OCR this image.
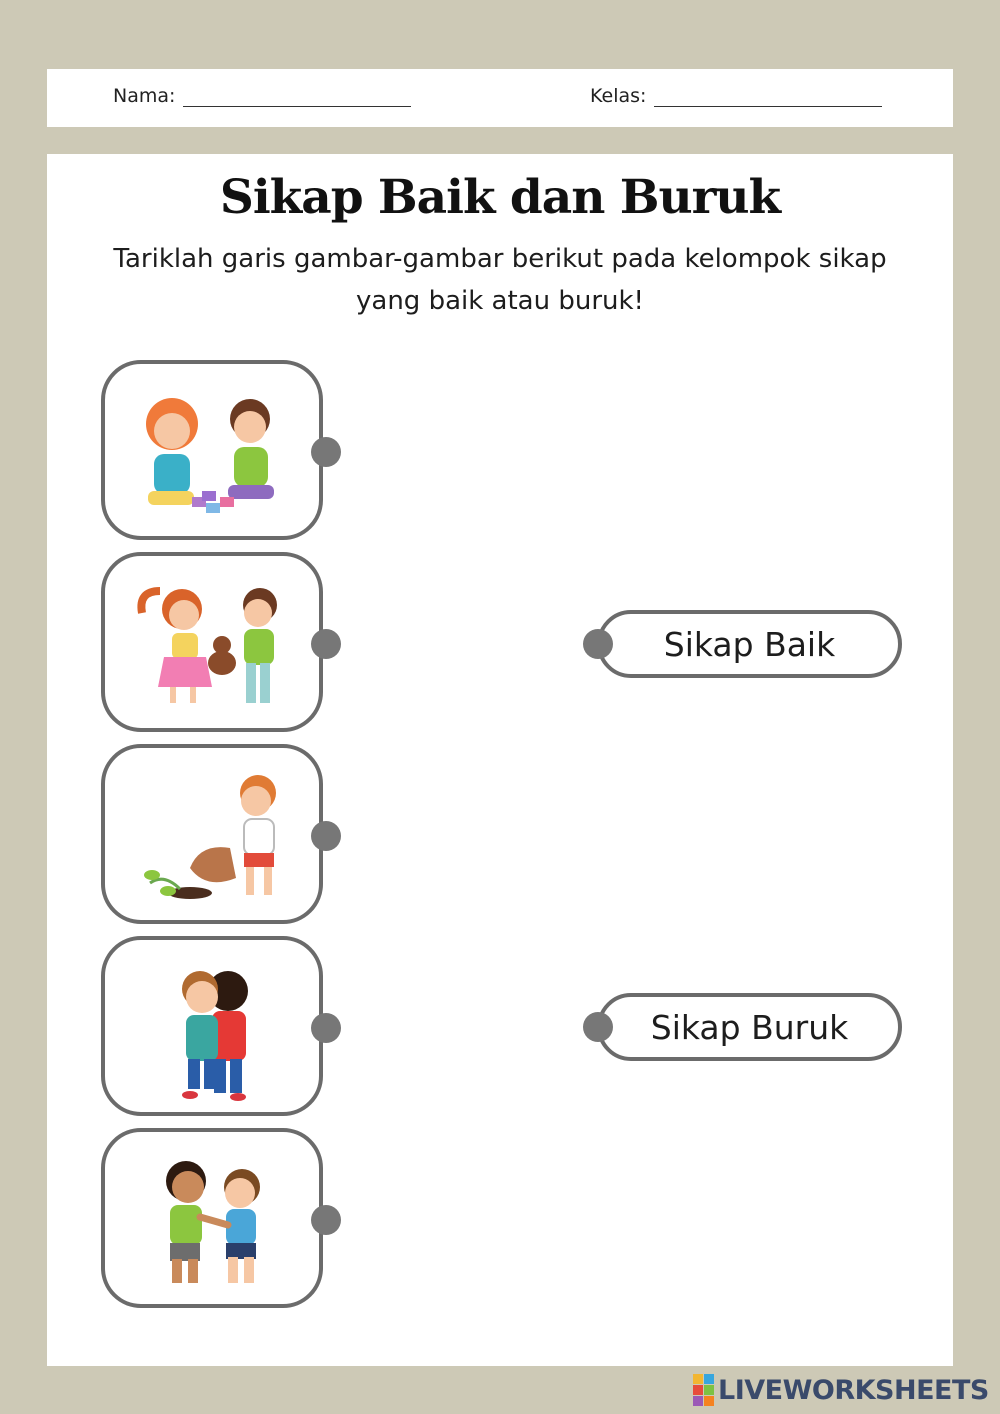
Nama:	Kelas:
Sikap Baik dan Buruk
Tariklah garis gambar-gambar berikut pada kelompok sikap yang baik atau buruk!
Sikap Baik
Sikap Buruk
LIVEWORKSHEETS
